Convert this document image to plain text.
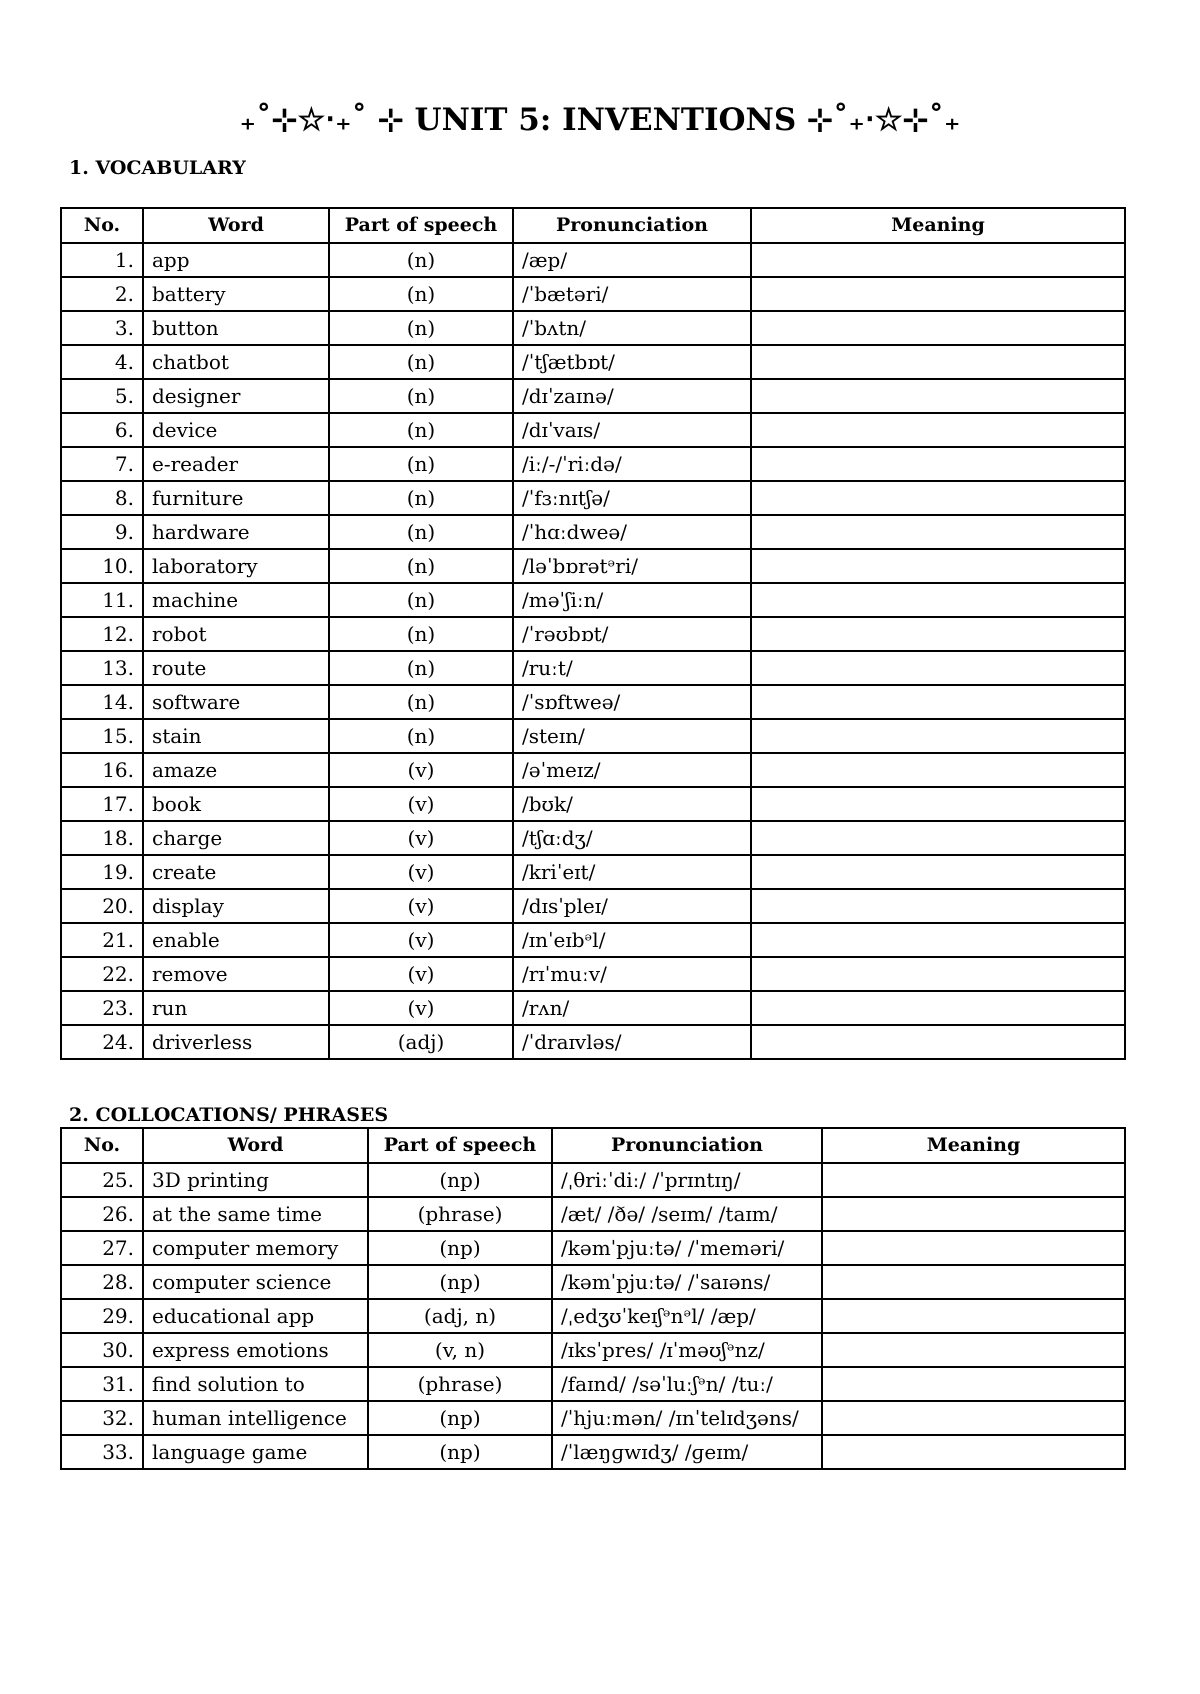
₊˚⊹☆‧₊˚ ⊹ UNIT 5: INVENTIONS ⊹˚₊‧☆⊹˚₊
1. VOCABULARY
No.	Word	Part of speech	Pronunciation	Meaning
1.	app	(n)	/æp/	
2.	battery	(n)	/ˈbætəri/	
3.	button	(n)	/ˈbʌtn/	
4.	chatbot	(n)	/ˈtʃætbɒt/	
5.	designer	(n)	/dɪˈzaɪnə/	
6.	device	(n)	/dɪˈvaɪs/	
7.	e-reader	(n)	/iː/-/ˈriːdə/	
8.	furniture	(n)	/ˈfɜːnɪtʃə/	
9.	hardware	(n)	/ˈhɑːdweə/	
10.	laboratory	(n)	/ləˈbɒrətᵊri/	
11.	machine	(n)	/məˈʃiːn/	
12.	robot	(n)	/ˈrəʊbɒt/	
13.	route	(n)	/ruːt/	
14.	software	(n)	/ˈsɒftweə/	
15.	stain	(n)	/steɪn/	
16.	amaze	(v)	/əˈmeɪz/	
17.	book	(v)	/bʊk/	
18.	charge	(v)	/tʃɑːdʒ/	
19.	create	(v)	/kriˈeɪt/	
20.	display	(v)	/dɪsˈpleɪ/	
21.	enable	(v)	/ɪnˈeɪbᵊl/	
22.	remove	(v)	/rɪˈmuːv/	
23.	run	(v)	/rʌn/	
24.	driverless	(adj)	/ˈdraɪvləs/	
2. COLLOCATIONS/ PHRASES
No.	Word	Part of speech	Pronunciation	Meaning
25.	3D printing	(np)	/ˌθriːˈdiː/ /ˈprɪntɪŋ/	
26.	at the same time	(phrase)	/æt/ /ðə/ /seɪm/ /taɪm/	
27.	computer memory	(np)	/kəmˈpjuːtə/ /ˈmeməri/	
28.	computer science	(np)	/kəmˈpjuːtə/ /ˈsaɪəns/	
29.	educational app	(adj, n)	/ˌedʒʊˈkeɪʃᵊnᵊl/ /æp/	
30.	express emotions	(v, n)	/ɪksˈpres/ /ɪˈməʊʃᵊnz/	
31.	find solution to	(phrase)	/faɪnd/ /səˈluːʃᵊn/ /tuː/	
32.	human intelligence	(np)	/ˈhjuːmən/ /ɪnˈtelɪdʒəns/	
33.	language game	(np)	/ˈlæŋɡwɪdʒ/ /ɡeɪm/	
